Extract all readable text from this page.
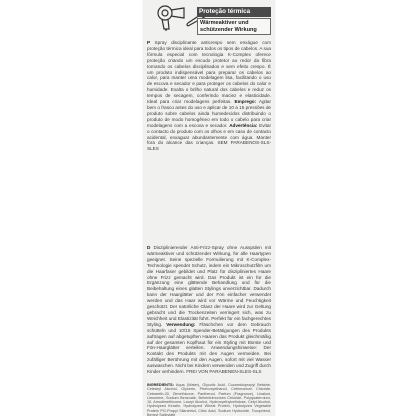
Proteção térmica
Wärmeaktiver und
schützender Wirkung
P Spray disciplinante anticrespo sem enxágue com proteção térmica ideal para todos os tipos de cabelos. A sua fórmula especial com tecnologia K-Complex oferece proteção criando um escudo protetor ao redor da fibra tornando os cabelos disciplinados e sem efeito crespo. É um produto indispensável para preparar os cabelos ao calor, para manter uma modelagem lisa, facilitando o uso de escova e secador e para proteger os cabelos do calor e humidade. Exalta o brilho natural dos cabelos e reduz os tempos de secagem, conferindo maciez e elasticidade. Ideal para criar modelagens perfeitas. Emprego: Agitar bem o frasco antes do uso e aplicar de 10 a 15 pressões de produto sobre cabelos ainda humedecidos distribuindo o produto de modo homogêneo em todo o cabelo para criar modelagens com a escova e secador. Advertência: Evitar o contacto do produto com os olhos e em caso de contacto acidental, enxaguar abundantemente com água. Manter fora do alcance das crianças. SEM PARABENOS-SLS-SLES
D Disziplinierender Anti-Frizz-Spray ohne Ausspülen mit wärmeaktiver und schützender Wirkung, für alle Haartypen geeignet. Seine spezielle Formulierung mit K-Complex-Technologie spendet Schutz, indem ein Mikroschutzfilm um die Haarfaser gebildet und Platz für diszipliniertes Haare ohne Frizz gemacht wird. Das Produkt ist ein für die Ergänzung eine glättende Behandlung und für die Beibehaltung eines glatten Stylings unverzichtbar. Dadurch kann der Haarglätter und der Fön einfacher verwendet werden und das Haar wird vor Wärme und Feuchtigkeit geschützt. Der natürliche Glanz der Haare wird zur Geltung gebracht und die Trockenzeiten verringert sich, was zu Weichheit und Elastizität führt. Perfekt für ein fachgerechtes Styling. Verwendung: Fläschchen vor dem Gebrauch schütteln und 10/15 Spender-Betätigungen des Produkts auftragen auf abgetupften Haaren das Produkt gleichmäßig auf der gesamten Kopfhaut für ein Styling mit Bürste und Fön-Haarglätter verteilen. Anwendungshinweise: Der Kontakt des Produkts mit den Augen vermeiden. Bei zufälliger Berührung mit den Augen, sofort mit viel Wasser auswaschen. Nicht bei Kindern verwenden und Zugriff durch Kinder verhindern. FREI VON PARABENEN-SLES-SLS
INGREDIENTS: Aqua (Water), Glycolic Acid, Cocamidopropyl Betaine, Cetearyl Alcohol, Glycerin, Phenoxyethanol, Cetrimonium Chloride, Ceteareth-20, Dimethicone, Panthenol, Parfum (Fragrance), Linalool, Limonene, Sodium Benzoate, Behentrimonium Chloride, Polyquaternium-10, Amodimethicone, Lauryl Alcohol, Hydroxyethylcellulose, Cetyl Alcohol, Hydrolyzed Keratin, Hydrolyzed Wheat Protein, Hydrolyzed Vegetable Protein PG-Propyl Silanetriol, Citric Acid, Sodium Hydroxide, Tocopherol, Benzyl Salicylate
